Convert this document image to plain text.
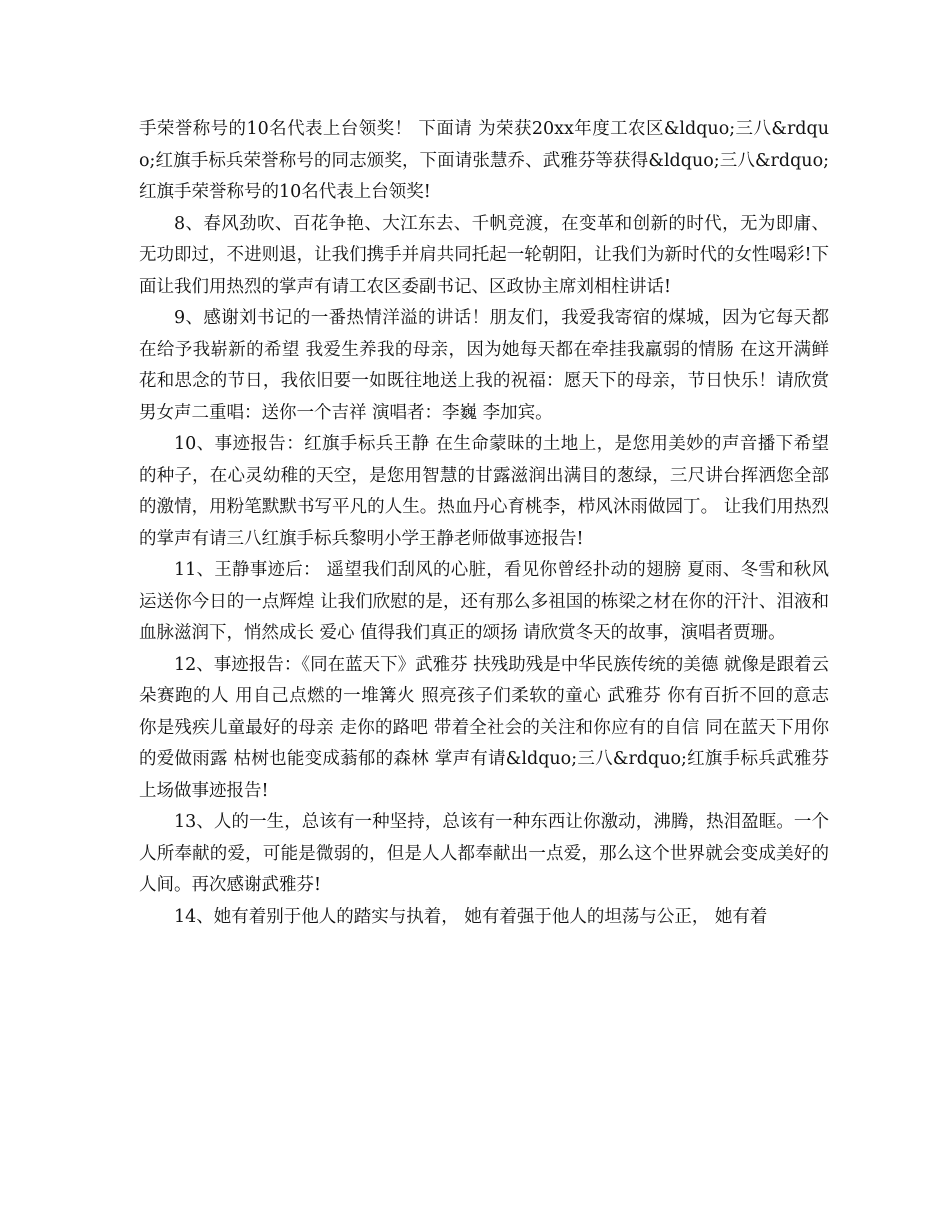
手荣誉称号的10名代表上台领奖！ 下面请 为荣获20xx年度工农区&ldquo;三八&rdquo;红旗手标兵荣誉称号的同志颁奖，下面请张慧乔、武雅芬等获得&ldquo;三八&rdquo;红旗手荣誉称号的10名代表上台领奖!

8、春风劲吹、百花争艳、大江东去、千帆竞渡，在变革和创新的时代，无为即庸、无功即过，不进则退，让我们携手并肩共同托起一轮朝阳，让我们为新时代的女性喝彩!下面让我们用热烈的掌声有请工农区委副书记、区政协主席刘相柱讲话!

9、感谢刘书记的一番热情洋溢的讲话！朋友们，我爱我寄宿的煤城，因为它每天都在给予我崭新的希望 我爱生养我的母亲，因为她每天都在牵挂我羸弱的情肠 在这开满鲜花和思念的节日，我依旧要一如既往地送上我的祝福：愿天下的母亲，节日快乐！请欣赏男女声二重唱：送你一个吉祥 演唱者：李巍 李加宾。

10、事迹报告：红旗手标兵王静 在生命蒙昧的土地上，是您用美妙的声音播下希望的种子，在心灵幼稚的天空，是您用智慧的甘露滋润出满目的葱绿，三尺讲台挥洒您全部的激情，用粉笔默默书写平凡的人生。热血丹心育桃李，栉风沐雨做园丁。 让我们用热烈的掌声有请三八红旗手标兵黎明小学王静老师做事迹报告!

11、王静事迹后： 遥望我们刮风的心脏，看见你曾经扑动的翅膀 夏雨、冬雪和秋风 运送你今日的一点辉煌 让我们欣慰的是，还有那么多祖国的栋梁之材在你的汗汁、泪液和血脉滋润下，悄然成长 爱心 值得我们真正的颂扬 请欣赏冬天的故事，演唱者贾珊。

12、事迹报告：《同在蓝天下》武雅芬 扶残助残是中华民族传统的美德 就像是跟着云朵赛跑的人 用自己点燃的一堆篝火 照亮孩子们柔软的童心 武雅芬 你有百折不回的意志 你是残疾儿童最好的母亲 走你的路吧 带着全社会的关注和你应有的自信 同在蓝天下用你的爱做雨露 枯树也能变成蓊郁的森林 掌声有请&ldquo;三八&rdquo;红旗手标兵武雅芬上场做事迹报告!

13、人的一生，总该有一种坚持，总该有一种东西让你激动，沸腾，热泪盈眶。一个人所奉献的爱，可能是微弱的，但是人人都奉献出一点爱，那么这个世界就会变成美好的人间。再次感谢武雅芬!

14、她有着别于他人的踏实与执着， 她有着强于他人的坦荡与公正， 她有着
